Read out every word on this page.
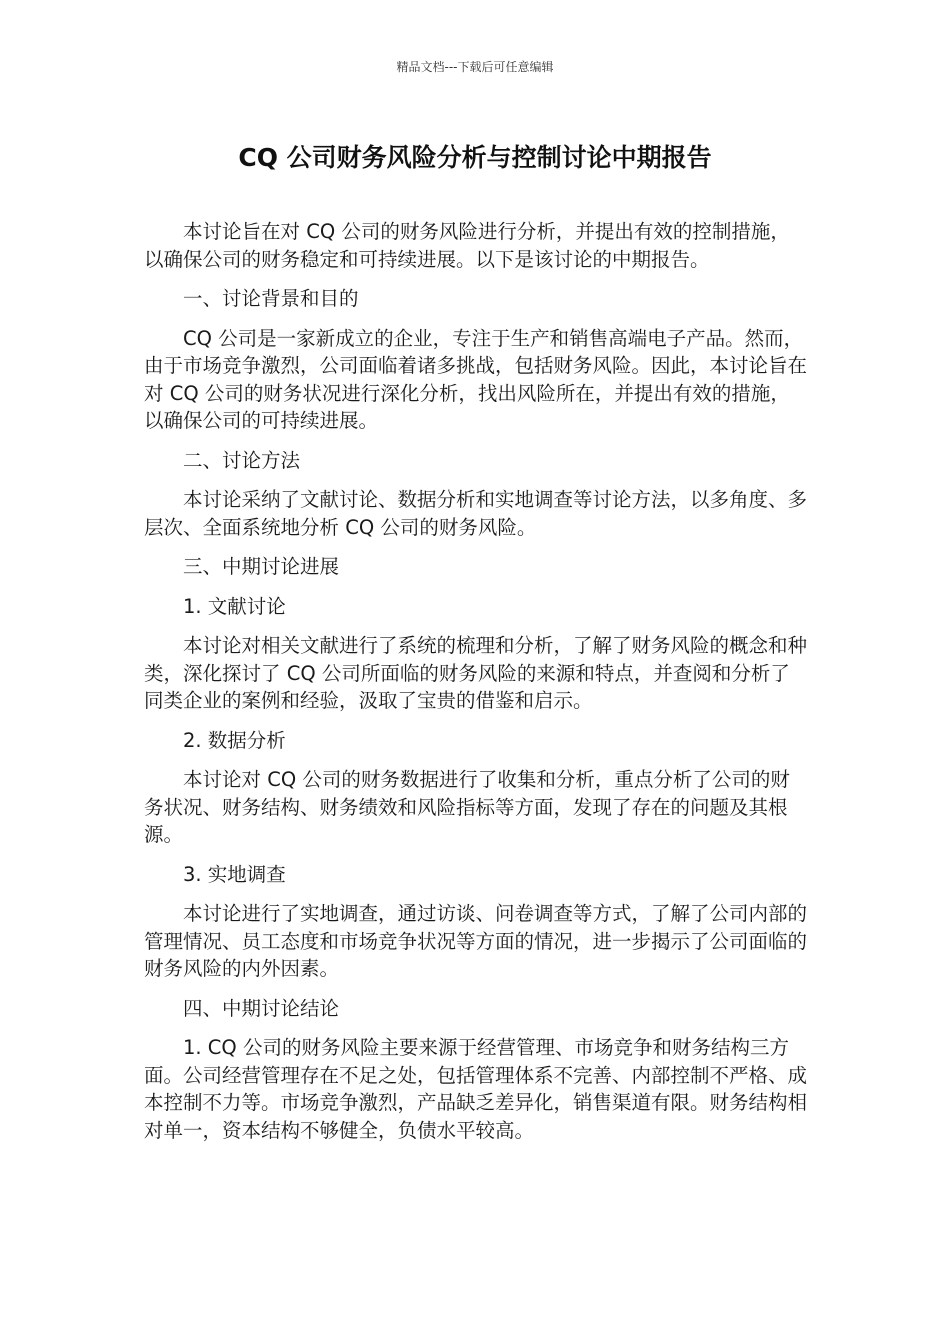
精品文档---下载后可任意编辑
CQ 公司财务风险分析与控制讨论中期报告

本讨论旨在对 CQ 公司的财务风险进行分析，并提出有效的控制措施，以确保公司的财务稳定和可持续进展。以下是该讨论的中期报告。

一、讨论背景和目的

CQ 公司是一家新成立的企业，专注于生产和销售高端电子产品。然而，由于市场竞争激烈，公司面临着诸多挑战，包括财务风险。因此，本讨论旨在对 CQ 公司的财务状况进行深化分析，找出风险所在，并提出有效的措施，以确保公司的可持续进展。

二、讨论方法

本讨论采纳了文献讨论、数据分析和实地调查等讨论方法，以多角度、多层次、全面系统地分析 CQ 公司的财务风险。

三、中期讨论进展

1. 文献讨论

本讨论对相关文献进行了系统的梳理和分析，了解了财务风险的概念和种类，深化探讨了 CQ 公司所面临的财务风险的来源和特点，并查阅和分析了同类企业的案例和经验，汲取了宝贵的借鉴和启示。

2. 数据分析

本讨论对 CQ 公司的财务数据进行了收集和分析，重点分析了公司的财务状况、财务结构、财务绩效和风险指标等方面，发现了存在的问题及其根源。

3. 实地调查

本讨论进行了实地调查，通过访谈、问卷调查等方式，了解了公司内部的管理情况、员工态度和市场竞争状况等方面的情况，进一步揭示了公司面临的财务风险的内外因素。

四、中期讨论结论

1. CQ 公司的财务风险主要来源于经营管理、市场竞争和财务结构三方面。公司经营管理存在不足之处，包括管理体系不完善、内部控制不严格、成本控制不力等。市场竞争激烈，产品缺乏差异化，销售渠道有限。财务结构相对单一，资本结构不够健全，负债水平较高。
